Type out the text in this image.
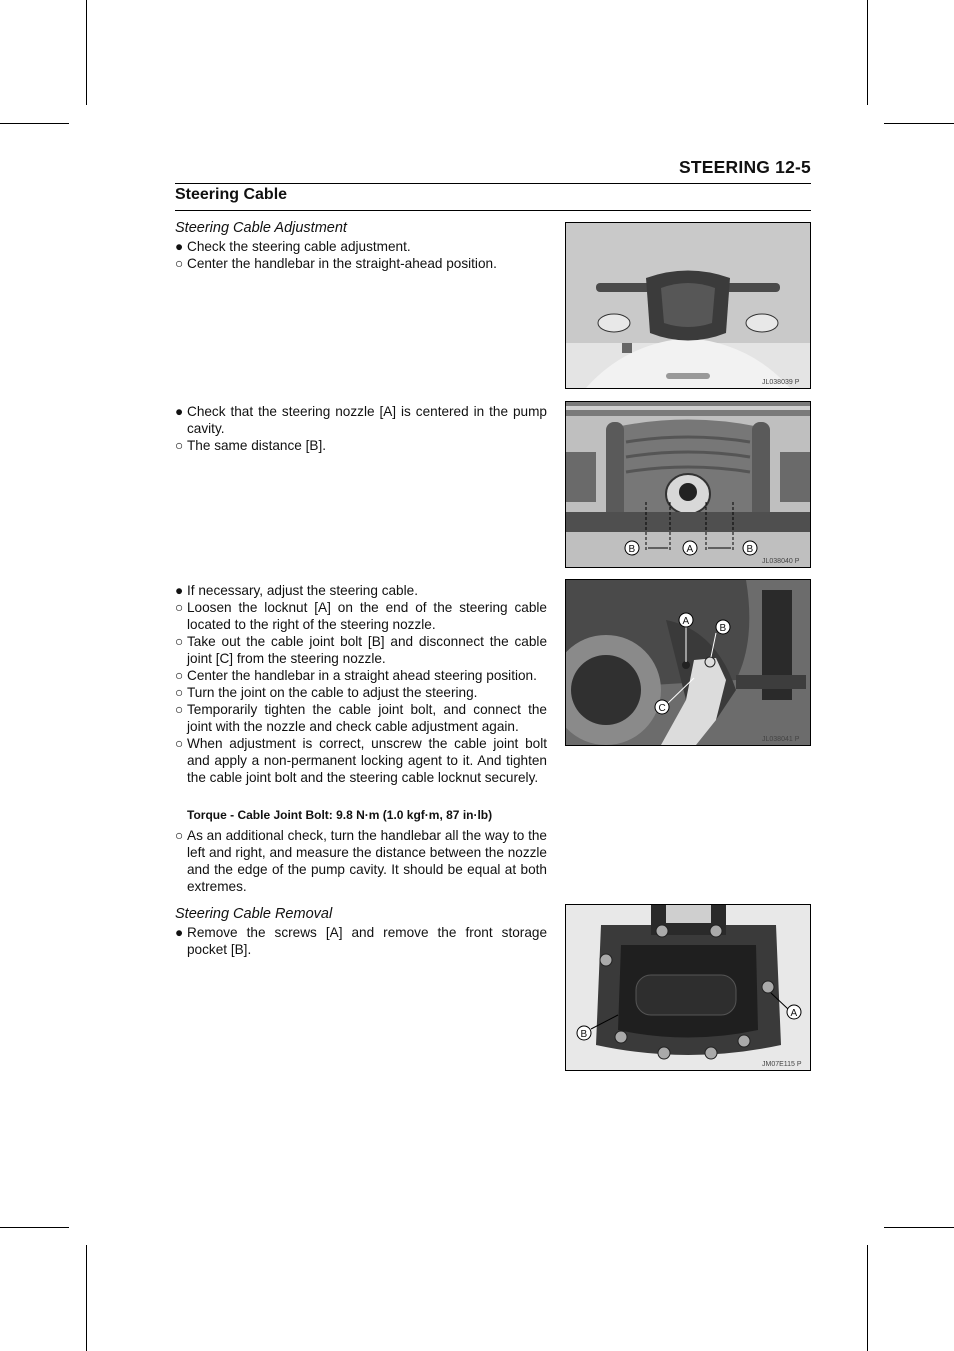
STEERING 12-5
Steering Cable
Steering Cable Adjustment
● Check the steering cable adjustment.
○ Center the handlebar in the straight-ahead position.
● Check that the steering nozzle [A] is centered in the pump cavity.
○ The same distance [B].
● If necessary, adjust the steering cable.
○ Loosen the locknut [A] on the end of the steering cable located to the right of the steering nozzle.
○ Take out the cable joint bolt [B] and disconnect the cable joint [C] from the steering nozzle.
○ Center the handlebar in a straight ahead steering position.
○ Turn the joint on the cable to adjust the steering.
○ Temporarily tighten the cable joint bolt, and connect the joint with the nozzle and check cable adjustment again.
○ When adjustment is correct, unscrew the cable joint bolt and apply a non-permanent locking agent to it. And tighten the cable joint bolt and the steering cable locknut securely.
Torque - Cable Joint Bolt: 9.8 N·m (1.0 kgf·m, 87 in·lb)
○ As an additional check, turn the handlebar all the way to the left and right, and measure the distance between the nozzle and the edge of the pump cavity. It should be equal at both extremes.
Steering Cable Removal
● Remove the screws [A] and remove the front storage pocket [B].
JL038039 P
B	A	B
JL038040 P
A
B
C
JL038041 P
A
B
JM07E115 P
